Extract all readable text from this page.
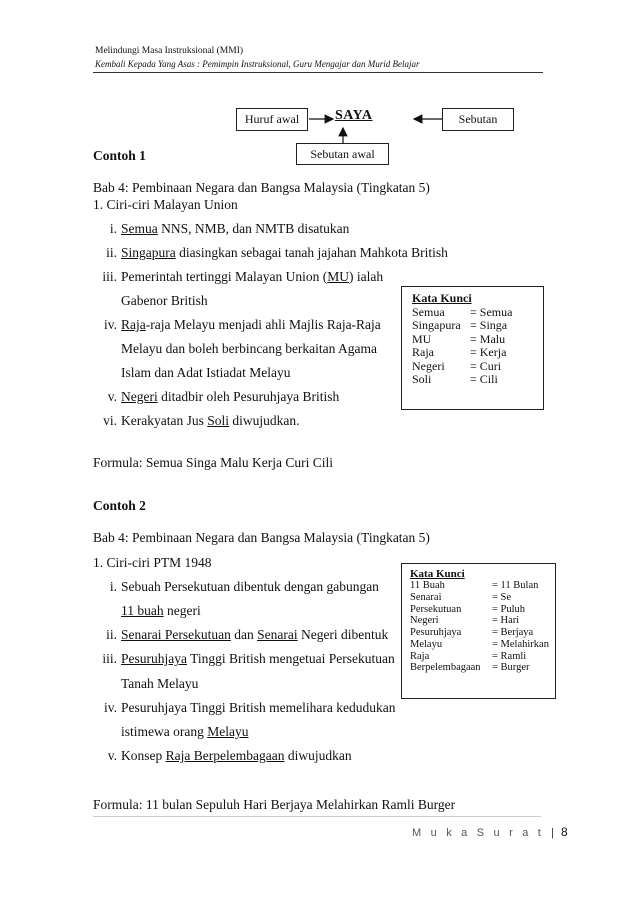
Melindungi Masa Instruksional (MMI)
Kembali Kepada Yang Asas : Pemimpin Instruksional, Guru Mengajar dan Murid Belajar
Huruf awal	SAYA	Sebutan
Sebutan awal
Contoh 1
Bab 4: Pembinaan Negara dan Bangsa Malaysia (Tingkatan 5)
1. Ciri-ciri Malayan Union
i. Semua NNS, NMB, dan NMTB disatukan
ii. Singapura diasingkan sebagai tanah jajahan Mahkota British
iii. Pemerintah tertinggi Malayan Union (MU) ialah
Gabenor British
iv. Raja-raja Melayu menjadi ahli Majlis Raja-Raja
Melayu dan boleh berbincang berkaitan Agama
Islam dan Adat Istiadat Melayu
v. Negeri ditadbir oleh Pesuruhjaya British
vi. Kerakyatan Jus Soli diwujudkan.
Kata Kunci
Semua	= Semua
Singapura = Singa
MU	= Malu
Raja	= Kerja
Negeri	= Curi
Soli	= Cili
Formula: Semua Singa Malu Kerja Curi Cili
Contoh 2
Bab 4: Pembinaan Negara dan Bangsa Malaysia (Tingkatan 5)
1. Ciri-ciri PTM 1948
i. Sebuah Persekutuan dibentuk dengan gabungan
11 buah negeri
ii. Senarai Persekutuan dan Senarai Negeri dibentuk
iii. Pesuruhjaya Tinggi British mengetuai Persekutuan
Tanah Melayu
iv. Pesuruhjaya Tinggi British memelihara kedudukan
istimewa orang Melayu
v. Konsep Raja Berpelembagaan diwujudkan
Kata Kunci
11 Buah	= 11 Bulan
Senarai	= Se
Persekutuan	= Puluh
Negeri	= Hari
Pesuruhjaya	= Berjaya
Melayu	= Melahirkan
Raja	= Ramli
Berpelembagaan	= Burger
Formula: 11 bulan Sepuluh Hari Berjaya Melahirkan Ramli Burger
M u k a S u r a t | 8
